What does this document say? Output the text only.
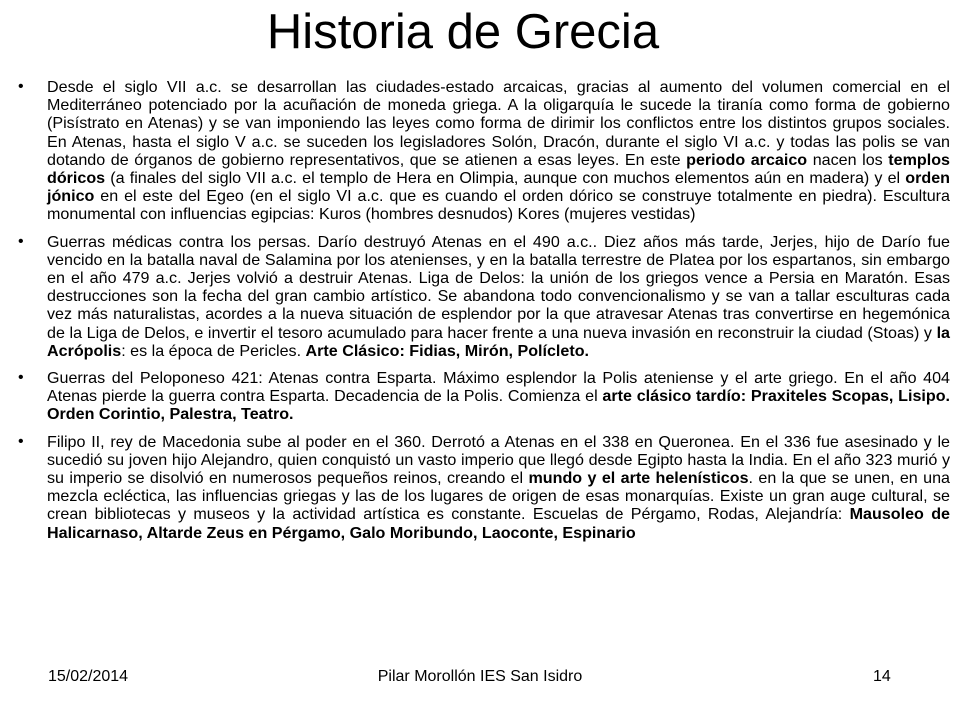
Historia de Grecia
• Desde el siglo VII a.c. se desarrollan las ciudades-estado arcaicas, gracias al aumento del volumen comercial en el Mediterráneo potenciado por la acuñación de moneda griega. A la oligarquía le sucede la tiranía como forma de gobierno (Pisístrato en Atenas) y se van imponiendo las leyes como forma de dirimir los conflictos entre los distintos grupos sociales. En Atenas, hasta el siglo V a.c. se suceden los legisladores Solón, Dracón, durante el siglo VI a.c. y todas las polis se van dotando de órganos de gobierno representativos, que se atienen a esas leyes. En este periodo arcaico nacen los templos dóricos (a finales del siglo VII a.c. el templo de Hera en Olimpia, aunque con muchos elementos aún en madera) y el orden jónico en el este del Egeo (en el siglo VI a.c. que es cuando el orden dórico se construye totalmente en piedra). Escultura monumental con influencias egipcias: Kuros (hombres desnudos) Kores (mujeres vestidas)
• Guerras médicas contra los persas. Darío destruyó Atenas en el 490 a.c.. Diez años más tarde, Jerjes, hijo de Darío fue vencido en la batalla naval de Salamina por los atenienses, y en la batalla terrestre de Platea por los espartanos, sin embargo en el año 479 a.c. Jerjes volvió a destruir Atenas. Liga de Delos: la unión de los griegos vence a Persia en Maratón. Esas destrucciones son la fecha del gran cambio artístico. Se abandona todo convencionalismo y se van a tallar esculturas cada vez más naturalistas, acordes a la nueva situación de esplendor por la que atravesar Atenas tras convertirse en hegemónica de la Liga de Delos, e invertir el tesoro acumulado para hacer frente a una nueva invasión en reconstruir la ciudad (Stoas) y la Acrópolis: es la época de Pericles. Arte Clásico: Fidias, Mirón, Polícleto.
• Guerras del Peloponeso 421: Atenas contra Esparta. Máximo esplendor la Polis ateniense y el arte griego. En el año 404 Atenas pierde la guerra contra Esparta. Decadencia de la Polis. Comienza el arte clásico tardío: Praxiteles Scopas, Lisipo. Orden Corintio, Palestra, Teatro.
• Filipo II, rey de Macedonia sube al poder en el 360. Derrotó a Atenas en el 338 en Queronea. En el 336 fue asesinado y le sucedió su joven hijo Alejandro, quien conquistó un vasto imperio que llegó desde Egipto hasta la India. En el año 323 murió y su imperio se disolvió en numerosos pequeños reinos, creando el mundo y el arte helenísticos. en la que se unen, en una mezcla ecléctica, las influencias griegas y las de los lugares de origen de esas monarquías. Existe un gran auge cultural, se crean bibliotecas y museos y la actividad artística es constante. Escuelas de Pérgamo, Rodas, Alejandría: Mausoleo de Halicarnaso, Altarde Zeus en Pérgamo, Galo Moribundo, Laoconte, Espinario
Pilar Morollón IES San Isidro
15/02/2014	14
